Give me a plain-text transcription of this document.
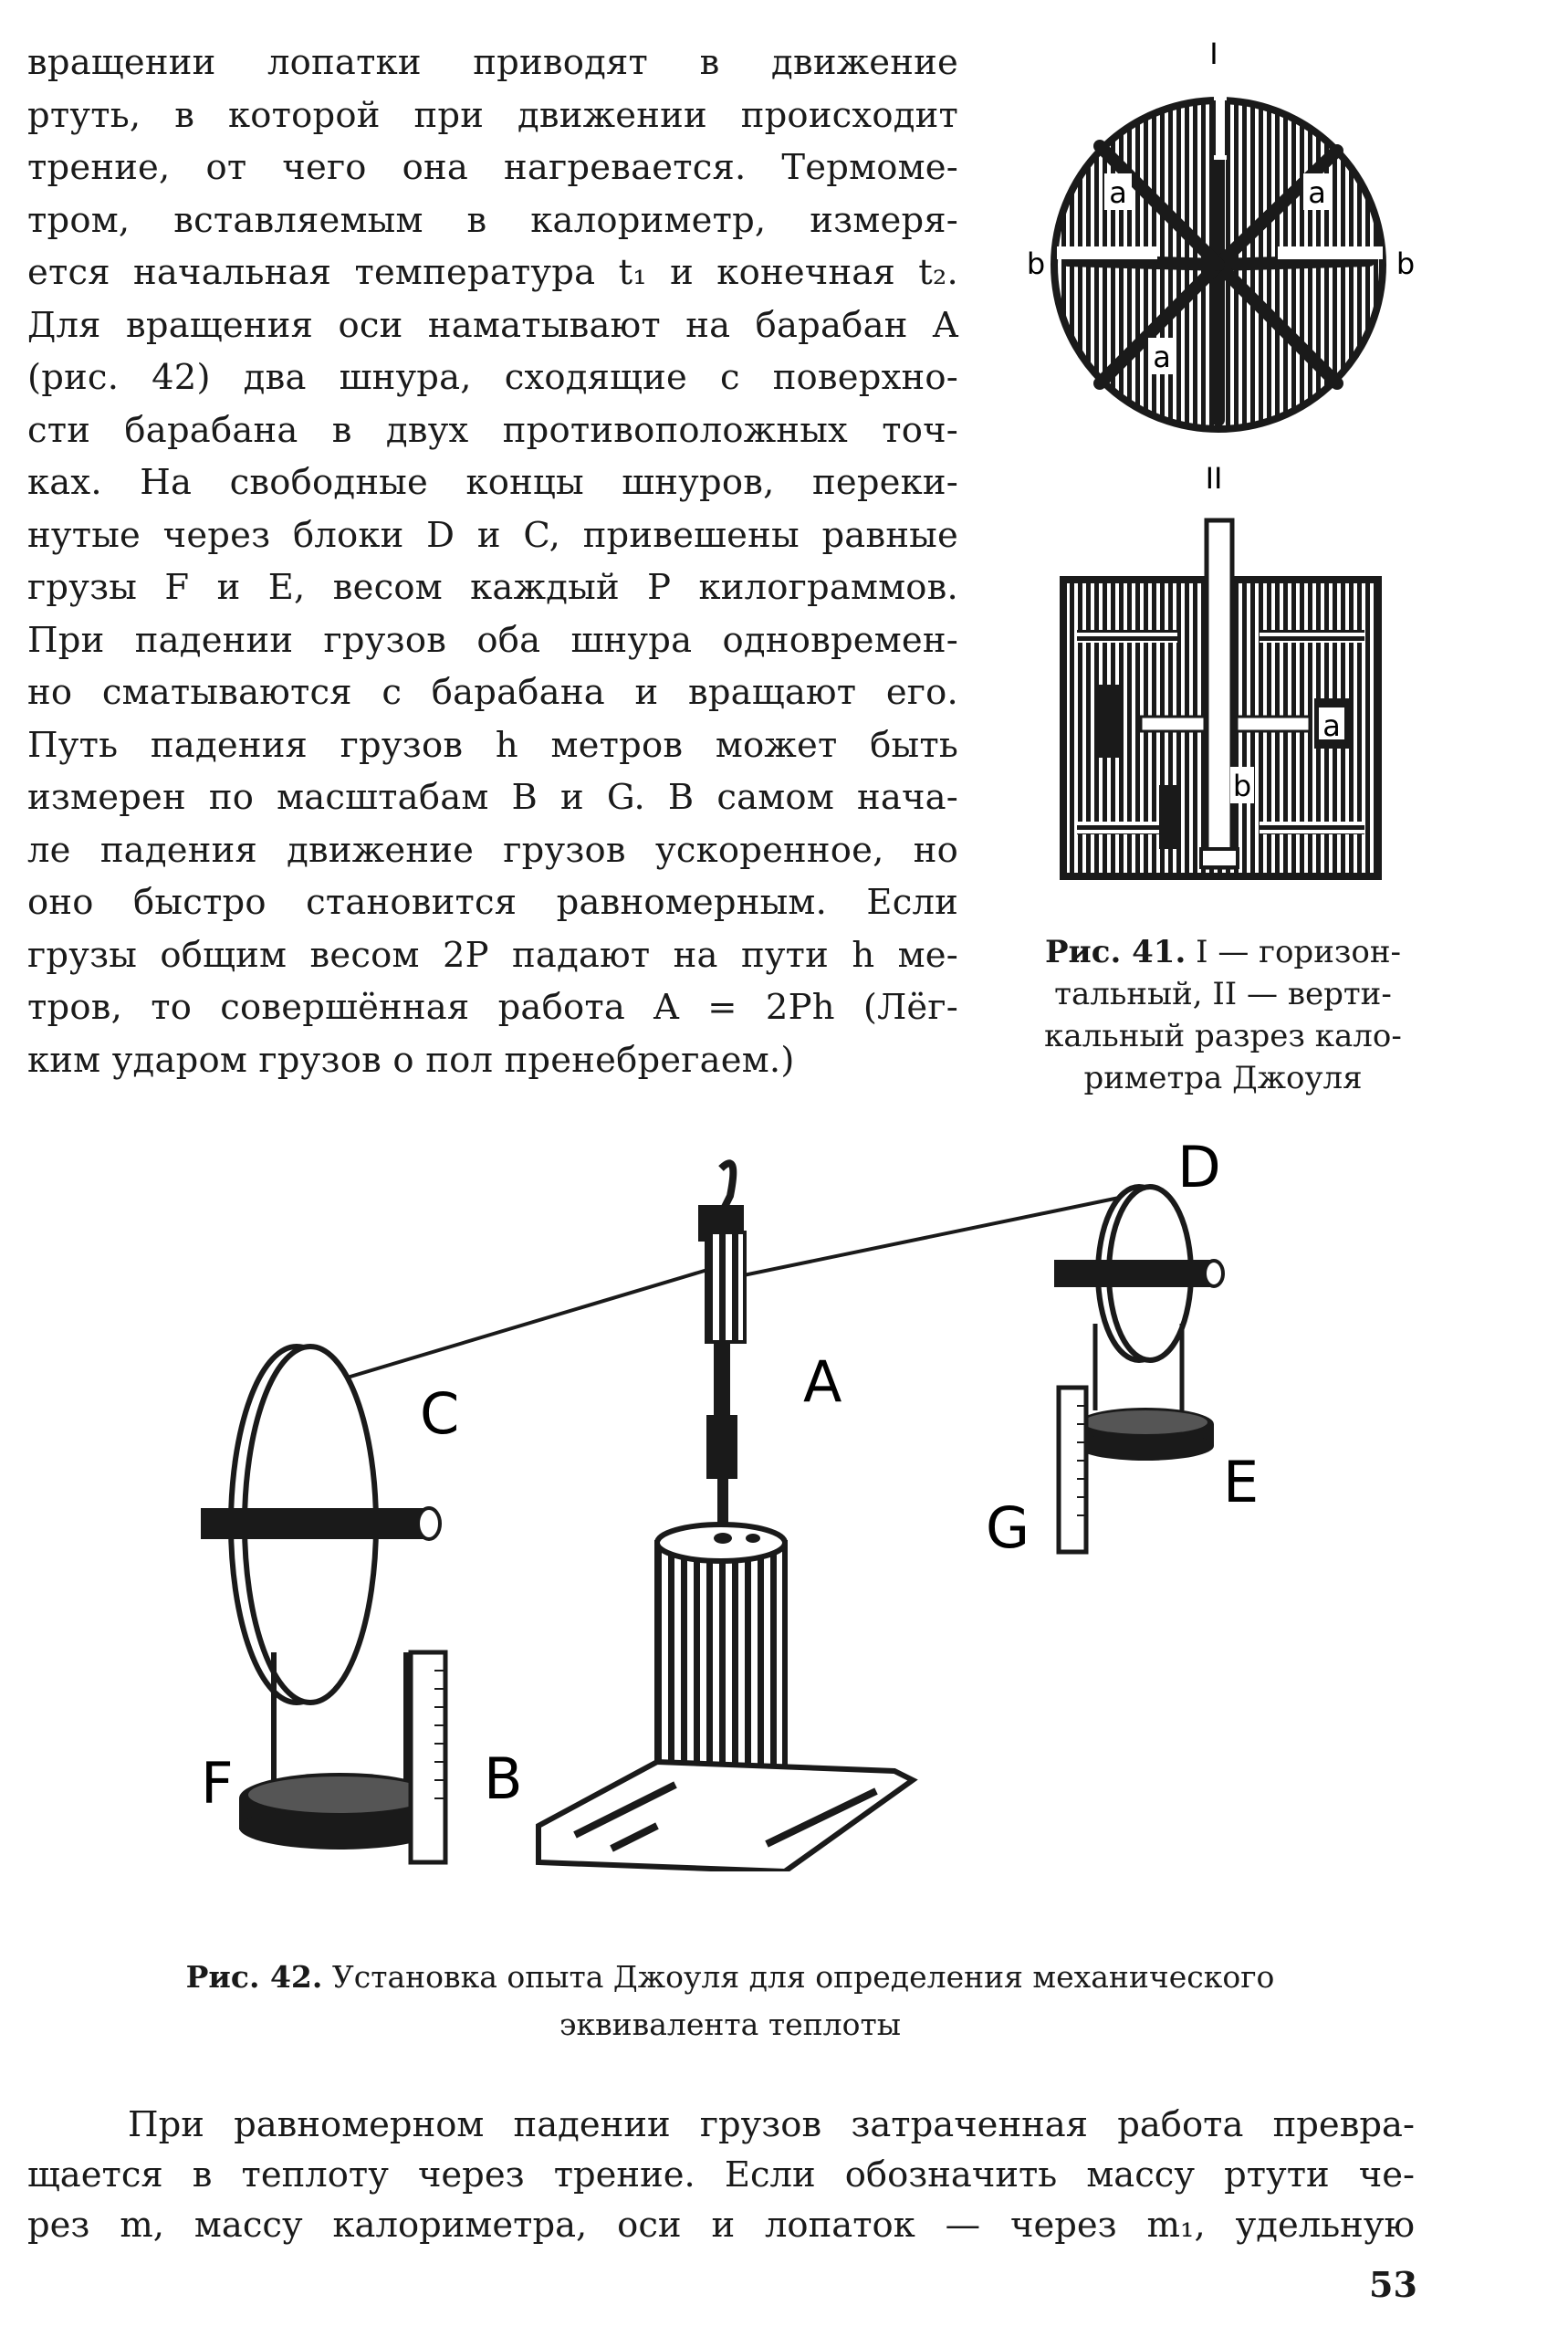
вращении лопатки приводят в движение
ртуть, в которой при движении происходит
трение, от чего она нагревается. Термоме-
тром, вставляемым в калориметр, измеря-
ется начальная температура t₁ и конечная t₂.
Для вращения оси наматывают на барабан A
(рис. 42) два шнура, сходящие с поверхно-
сти барабана в двух противоположных точ-
ках. На свободные концы шнуров, переки-
нутые через блоки D и C, привешены равные
грузы F и E, весом каждый P килограммов.
При падении грузов оба шнура одновремен-
но сматываются с барабана и вращают его.
Путь падения грузов h метров может быть
измерен по масштабам B и G. В самом нача-
ле падения движение грузов ускоренное, но
оно быстро становится равномерным. Если
грузы общим весом 2P падают на пути h ме-
тров, то совершённая работа A = 2Ph (Лёг-
ким ударом грузов о пол пренебрегаем.)
I
a	a
a
b	b
II
a
b
Рис. 41. I — горизон-
тальный, II — верти-
кальный разрез кало-
риметра Джоуля
A
B
C
D
E
F
G
Рис. 42. Установка опыта Джоуля для определения механического
эквивалента теплоты
При равномерном падении грузов затраченная работа превра-
щается в теплоту через трение. Если обозначить массу ртути че-
рез m, массу калориметра, оси и лопаток — через m₁, удельную
53
